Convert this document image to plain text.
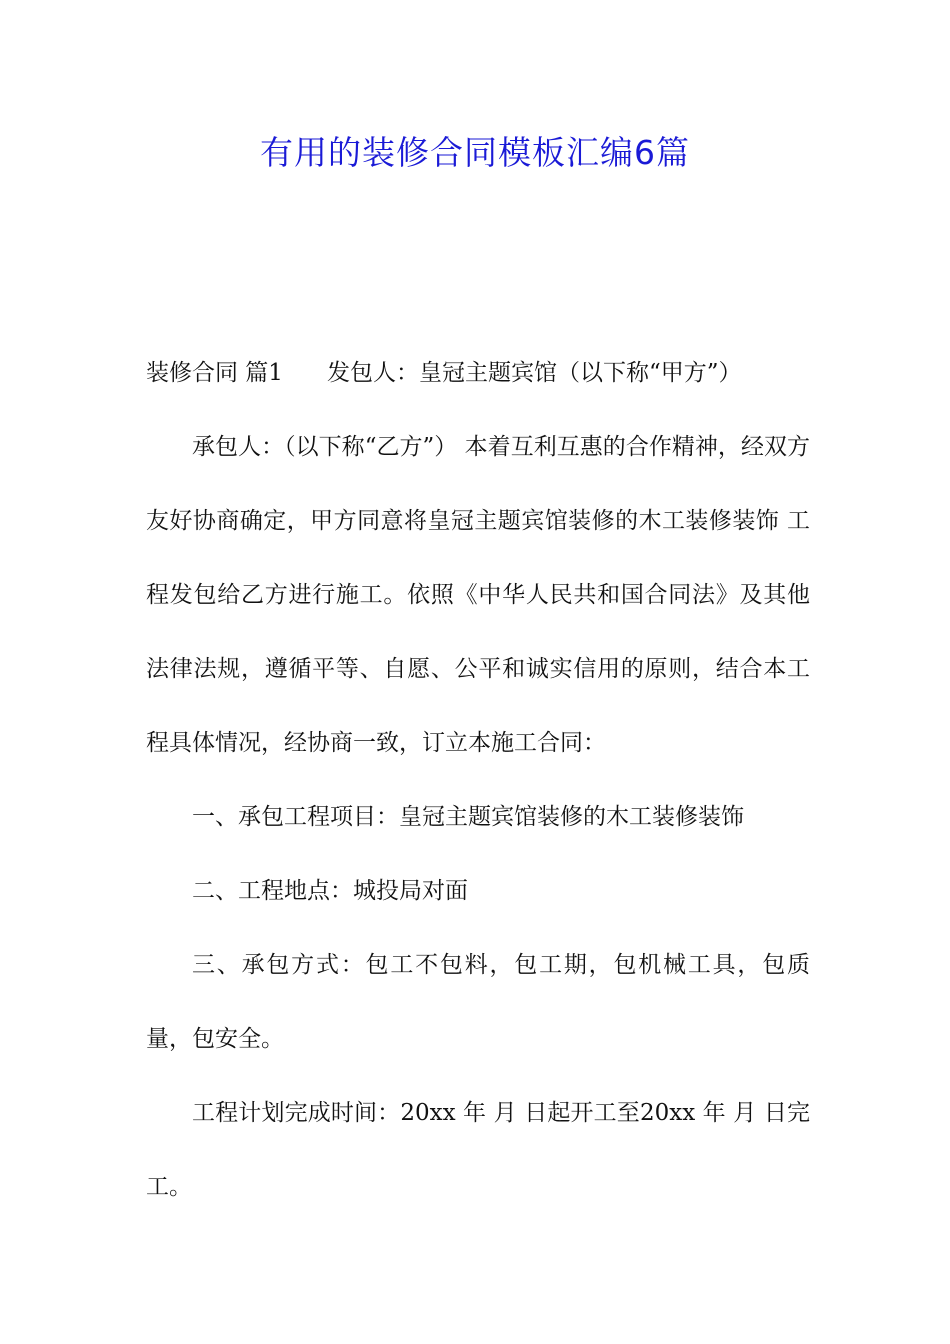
有用的装修合同模板汇编6篇

装修合同 篇1 发包人：皇冠主题宾馆（以下称“甲方”）

承包人：（以下称“乙方”） 本着互利互惠的合作精神，经双方友好协商确定，甲方同意将皇冠主题宾馆装修的木工装修装饰 工程发包给乙方进行施工。依照《中华人民共和国合同法》及其他法律法规，遵循平等、自愿、公平和诚实信用的原则，结合本工程具体情况，经协商一致，订立本施工合同：

一、承包工程项目：皇冠主题宾馆装修的木工装修装饰

二、工程地点：城投局对面

三、承包方式：包工不包料，包工期，包机械工具，包质量，包安全。

工程计划完成时间：20xx 年 月 日起开工至20xx 年 月 日完工。
